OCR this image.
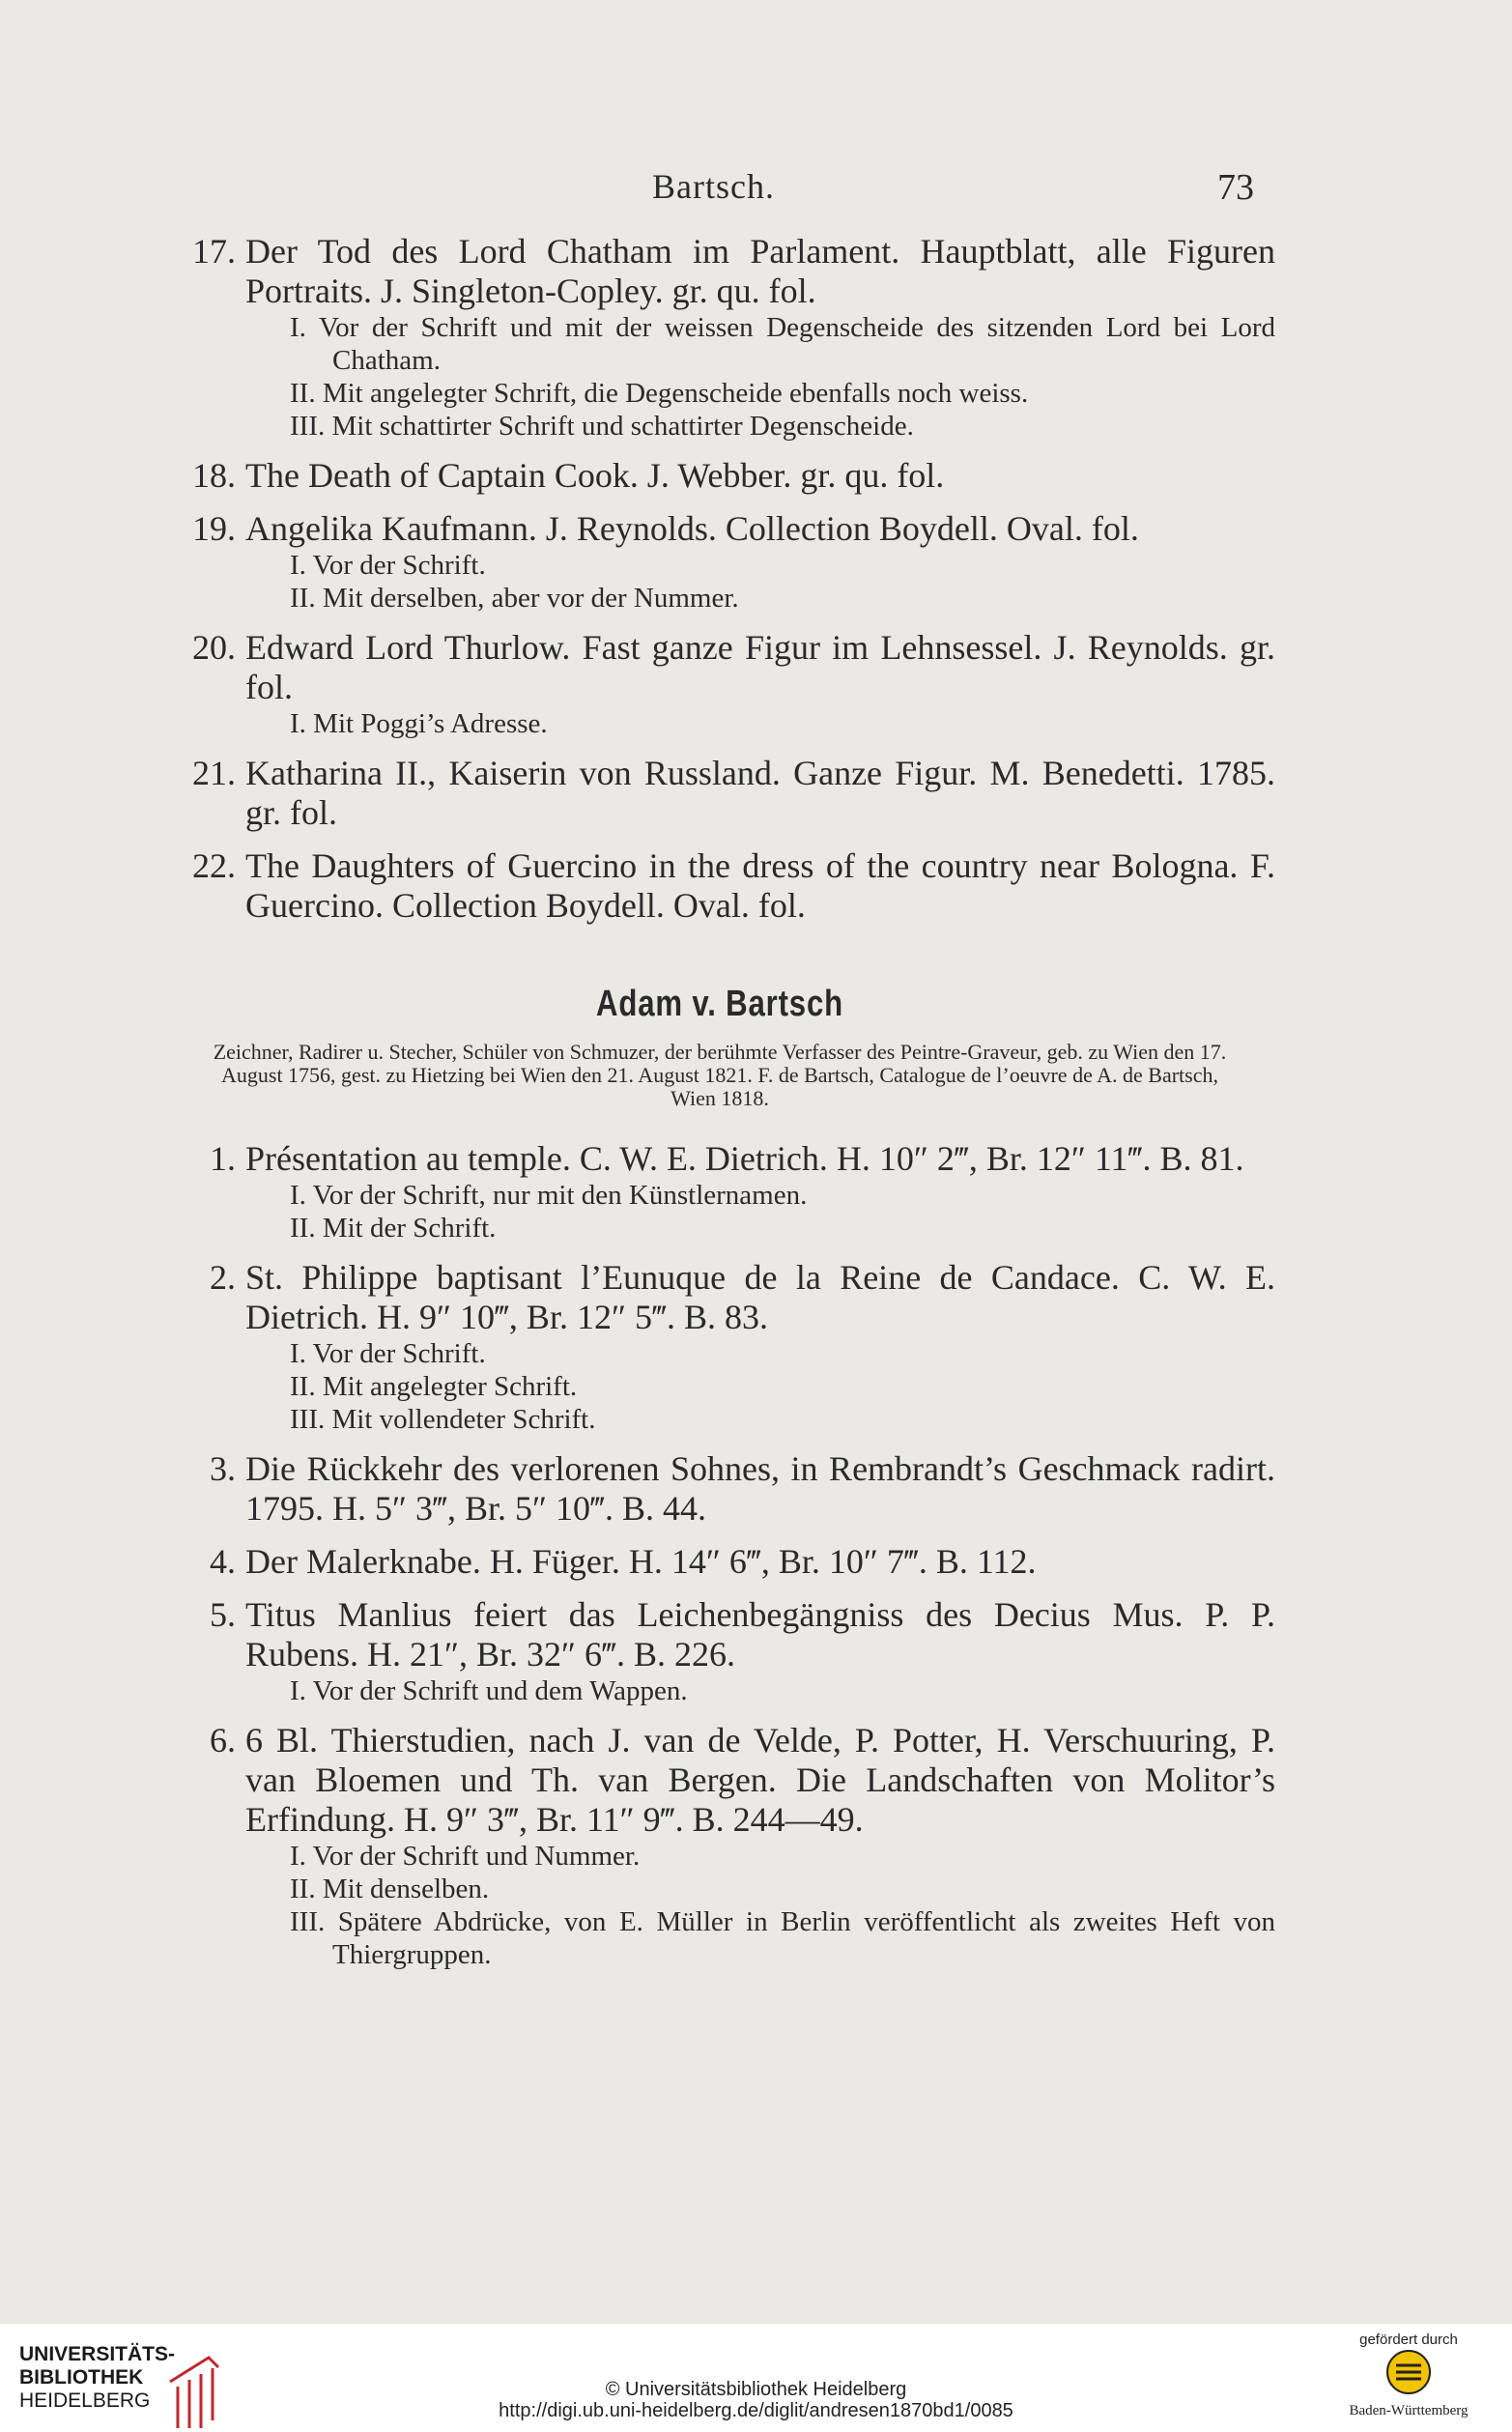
Bartsch.	73
17. Der Tod des Lord Chatham im Parlament. Hauptblatt, alle Figuren Portraits. J. Singleton-Copley. gr. qu. fol.
I. Vor der Schrift und mit der weissen Degenscheide des sitzenden Lord bei Lord Chatham.
II. Mit angelegter Schrift, die Degenscheide ebenfalls noch weiss.
III. Mit schattirter Schrift und schattirter Degenscheide.
18. The Death of Captain Cook. J. Webber. gr. qu. fol.
19. Angelika Kaufmann. J. Reynolds. Collection Boydell. Oval. fol.
I. Vor der Schrift.
II. Mit derselben, aber vor der Nummer.
20. Edward Lord Thurlow. Fast ganze Figur im Lehnsessel. J. Reynolds. gr. fol.
I. Mit Poggi’s Adresse.
21. Katharina II., Kaiserin von Russland. Ganze Figur. M. Benedetti. 1785. gr. fol.
22. The Daughters of Guercino in the dress of the country near Bologna. F. Guercino. Collection Boydell. Oval. fol.
Adam v. Bartsch
Zeichner, Radirer u. Stecher, Schüler von Schmuzer, der berühmte Verfasser des Peintre-Graveur, geb. zu Wien den 17. August 1756, gest. zu Hietzing bei Wien den 21. August 1821. F. de Bartsch, Catalogue de l’oeuvre de A. de Bartsch, Wien 1818.
1. Présentation au temple. C. W. E. Dietrich. H. 10″ 2‴, Br. 12″ 11‴. B. 81.
I. Vor der Schrift, nur mit den Künstlernamen.
II. Mit der Schrift.
2. St. Philippe baptisant l’Eunuque de la Reine de Candace. C. W. E. Dietrich. H. 9″ 10‴, Br. 12″ 5‴. B. 83.
I. Vor der Schrift.
II. Mit angelegter Schrift.
III. Mit vollendeter Schrift.
3. Die Rückkehr des verlorenen Sohnes, in Rembrandt’s Geschmack radirt. 1795. H. 5″ 3‴, Br. 5″ 10‴. B. 44.
4. Der Malerknabe. H. Füger. H. 14″ 6‴, Br. 10″ 7‴. B. 112.
5. Titus Manlius feiert das Leichenbegängniss des Decius Mus. P. P. Rubens. H. 21″, Br. 32″ 6‴. B. 226.
I. Vor der Schrift und dem Wappen.
6. 6 Bl. Thierstudien, nach J. van de Velde, P. Potter, H. Verschuuring, P. van Bloemen und Th. van Bergen. Die Landschaften von Molitor’s Erfindung. H. 9″ 3‴, Br. 11″ 9‴. B. 244—49.
I. Vor der Schrift und Nummer.
II. Mit denselben.
III. Spätere Abdrücke, von E. Müller in Berlin veröffentlicht als zweites Heft von Thiergruppen.
UNIVERSITÄTS-
BIBLIOTHEK
HEIDELBERG	© Universitätsbibliothek Heidelberg
http://digi.ub.uni-heidelberg.de/diglit/andresen1870bd1/0085
gefördert durch
Baden-Württemberg
